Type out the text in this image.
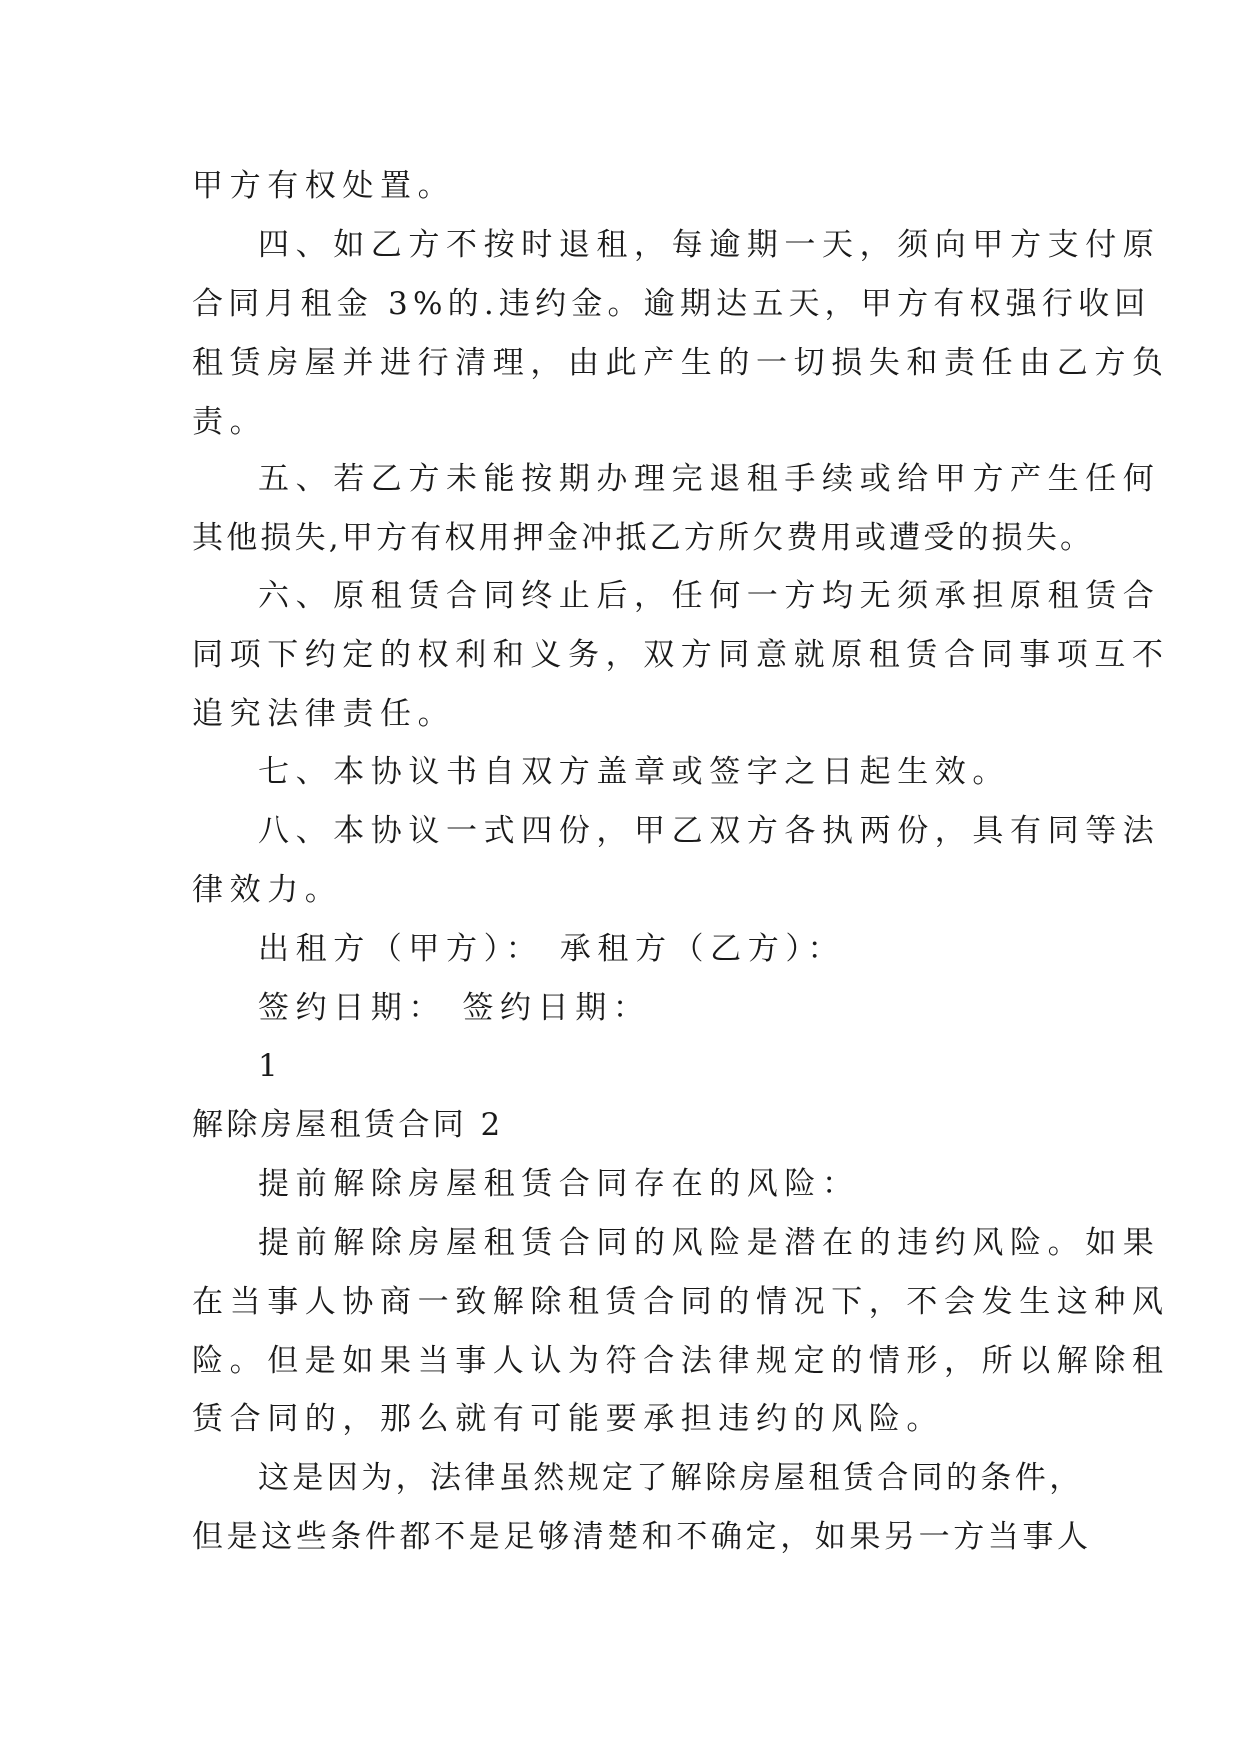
甲方有权处置。
四、如乙方不按时退租，每逾期一天，须向甲方支付原
合同月租金 3%的.违约金。逾期达五天，甲方有权强行收回
租赁房屋并进行清理，由此产生的一切损失和责任由乙方负
责。
五、若乙方未能按期办理完退租手续或给甲方产生任何
其他损失,甲方有权用押金冲抵乙方所欠费用或遭受的损失。
六、原租赁合同终止后，任何一方均无须承担原租赁合
同项下约定的权利和义务，双方同意就原租赁合同事项互不
追究法律责任。
七、本协议书自双方盖章或签字之日起生效。
八、本协议一式四份，甲乙双方各执两份，具有同等法
律效力。
出租方（甲方）： 承租方（乙方）：
签约日期： 签约日期：
1
解除房屋租赁合同 2
提前解除房屋租赁合同存在的风险：
提前解除房屋租赁合同的风险是潜在的违约风险。如果
在当事人协商一致解除租赁合同的情况下，不会发生这种风
险。但是如果当事人认为符合法律规定的情形，所以解除租
赁合同的，那么就有可能要承担违约的风险。
这是因为，法律虽然规定了解除房屋租赁合同的条件，
但是这些条件都不是足够清楚和不确定，如果另一方当事人
